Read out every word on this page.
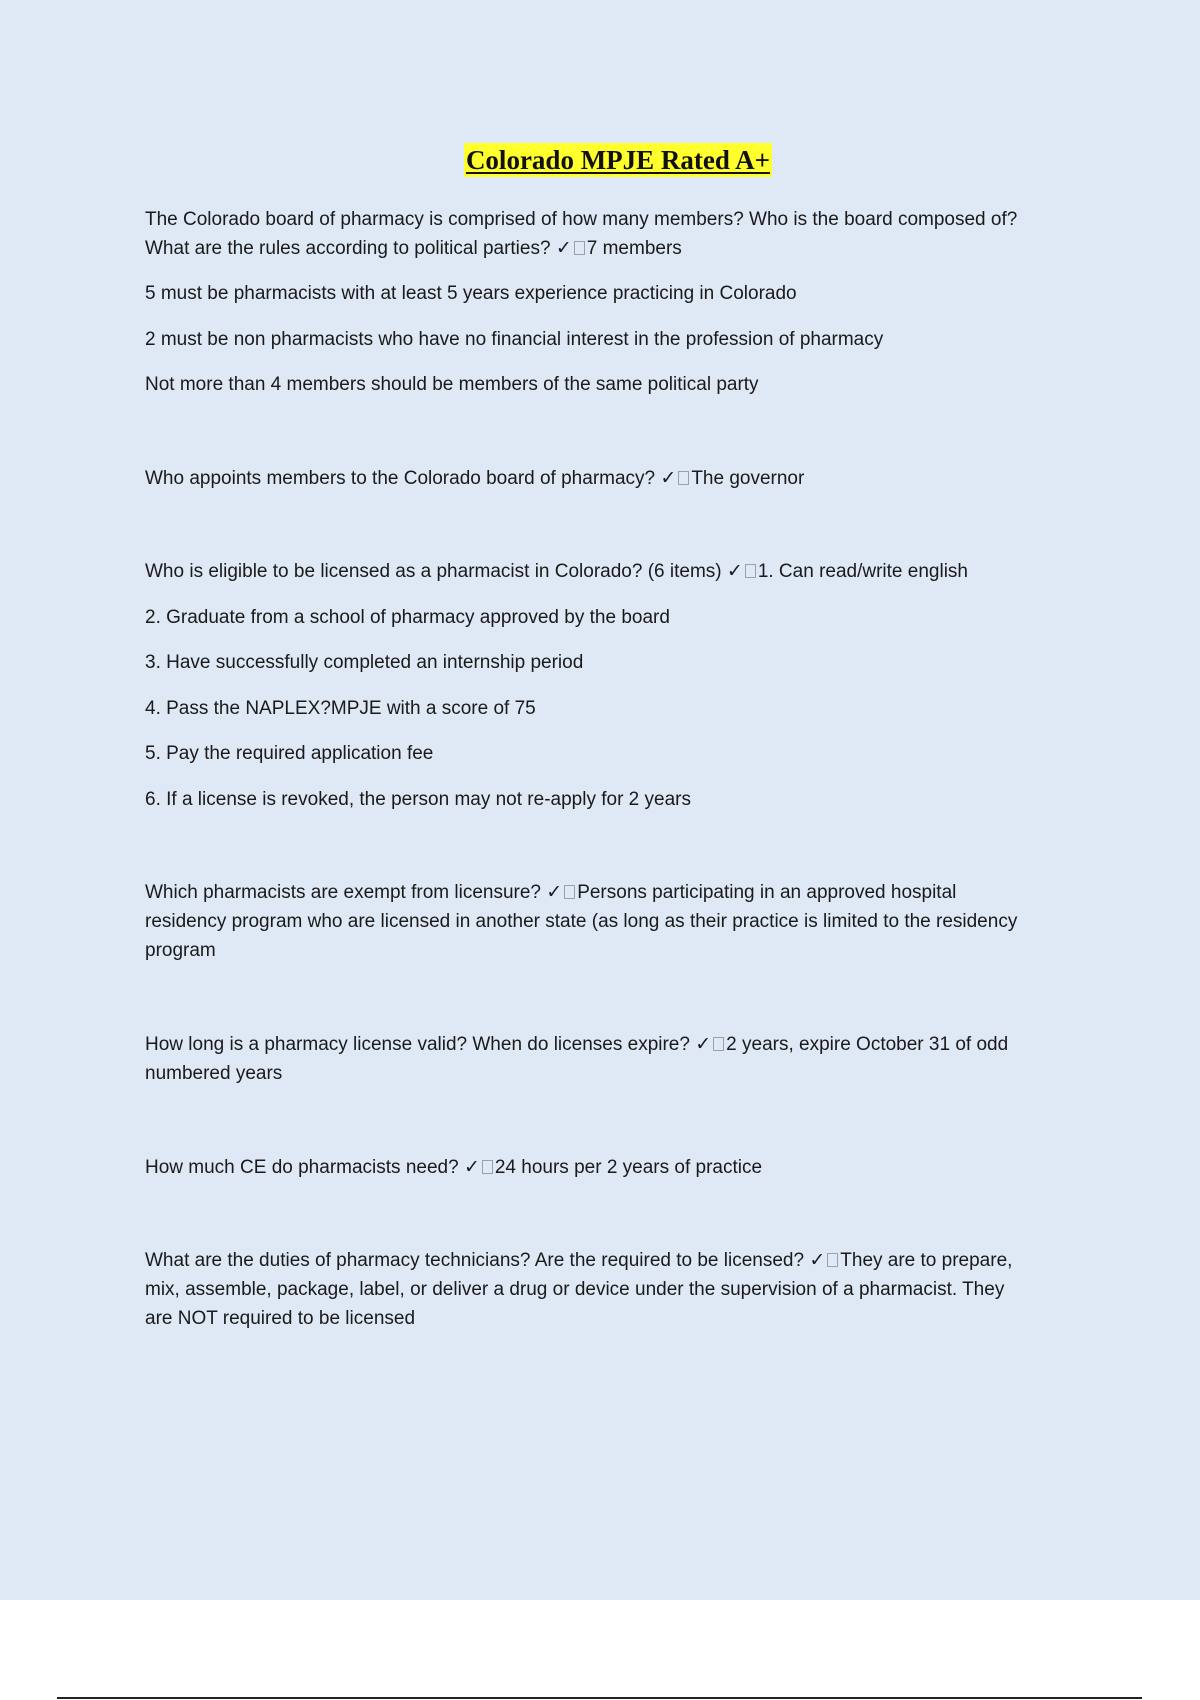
Colorado MPJE Rated A+
The Colorado board of pharmacy is comprised of how many members? Who is the board composed of?
What are the rules according to political parties? ✓ 7 members
5 must be pharmacists with at least 5 years experience practicing in Colorado
2 must be non pharmacists who have no financial interest in the profession of pharmacy
Not more than 4 members should be members of the same political party
Who appoints members to the Colorado board of pharmacy? ✓ The governor
Who is eligible to be licensed as a pharmacist in Colorado? (6 items) ✓ 1. Can read/write english
2. Graduate from a school of pharmacy approved by the board
3. Have successfully completed an internship period
4. Pass the NAPLEX?MPJE with a score of 75
5. Pay the required application fee
6. If a license is revoked, the person may not re-apply for 2 years
Which pharmacists are exempt from licensure? ✓ Persons participating in an approved hospital
residency program who are licensed in another state (as long as their practice is limited to the residency
program
How long is a pharmacy license valid? When do licenses expire? ✓ 2 years, expire October 31 of odd
numbered years
How much CE do pharmacists need? ✓ 24 hours per 2 years of practice
What are the duties of pharmacy technicians? Are the required to be licensed? ✓ They are to prepare,
mix, assemble, package, label, or deliver a drug or device under the supervision of a pharmacist. They
are NOT required to be licensed
